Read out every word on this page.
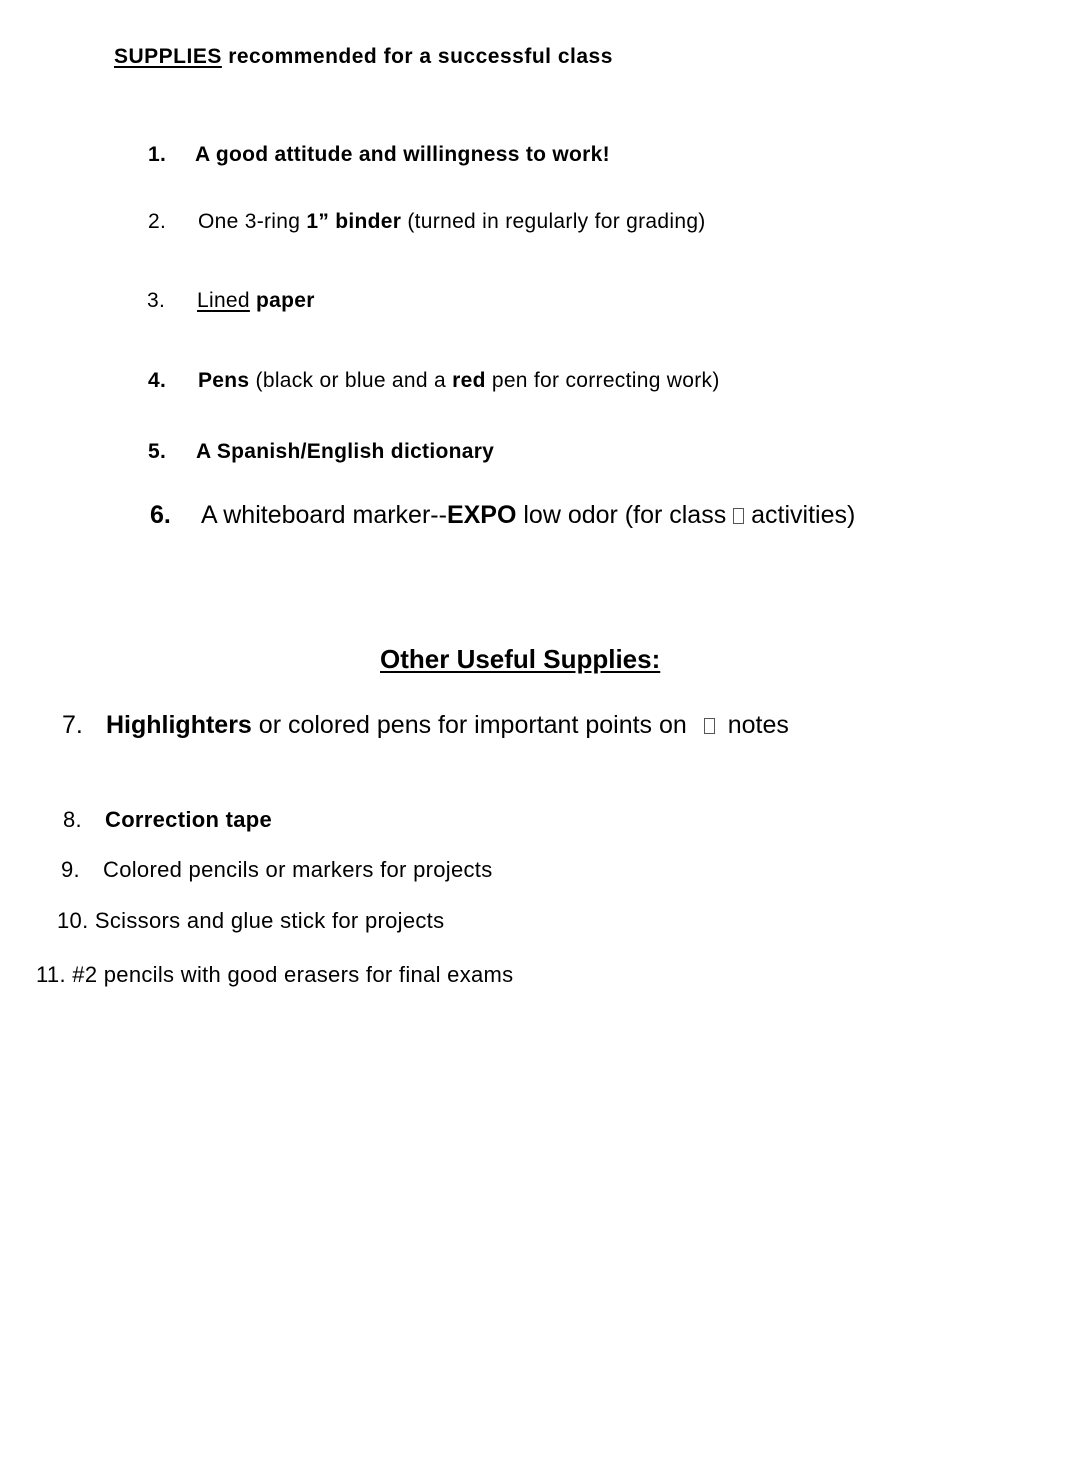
SUPPLIES recommended for a successful class
1. A good attitude and willingness to work!
2. One 3-ring 1” binder (turned in regularly for grading)
3. Lined paper
4. Pens (black or blue and a red pen for correcting work)
5. A Spanish/English dictionary
6. A whiteboard marker--EXPO low odor (for class  activities)
Other Useful Supplies:
7. Highlighters or colored pens for important points on  notes
8. Correction tape
9. Colored pencils or markers for projects
10. Scissors and glue stick for projects
11. #2 pencils with good erasers for final exams
